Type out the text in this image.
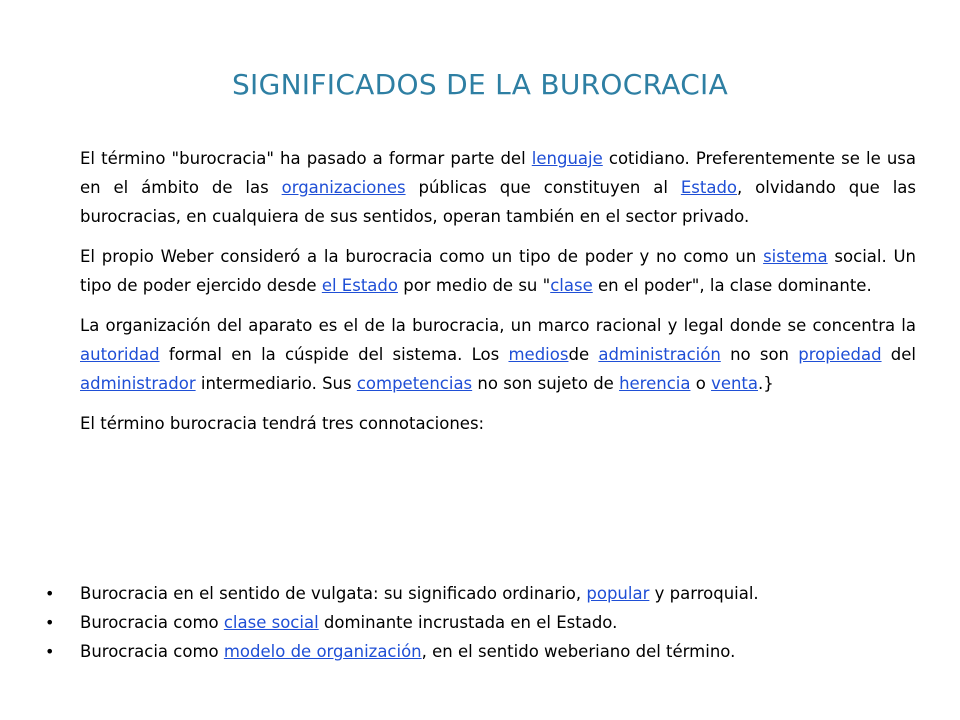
SIGNIFICADOS DE LA BUROCRACIA

El término "burocracia" ha pasado a formar parte del lenguaje cotidiano. Preferentemente se le usa en el ámbito de las organizaciones públicas que constituyen al Estado, olvidando que las burocracias, en cualquiera de sus sentidos, operan también en el sector privado.

El propio Weber consideró a la burocracia como un tipo de poder y no como un sistema social. Un tipo de poder ejercido desde el Estado por medio de su "clase en el poder", la clase dominante.

La organización del aparato es el de la burocracia, un marco racional y legal donde se concentra la autoridad formal en la cúspide del sistema. Los mediosde administración no son propiedad del administrador intermediario. Sus competencias no son sujeto de herencia o venta.}

El término burocracia tendrá tres connotaciones:

• Burocracia en el sentido de vulgata: su significado ordinario, popular y parroquial.
• Burocracia como clase social dominante incrustada en el Estado.
• Burocracia como modelo de organización, en el sentido weberiano del término.
